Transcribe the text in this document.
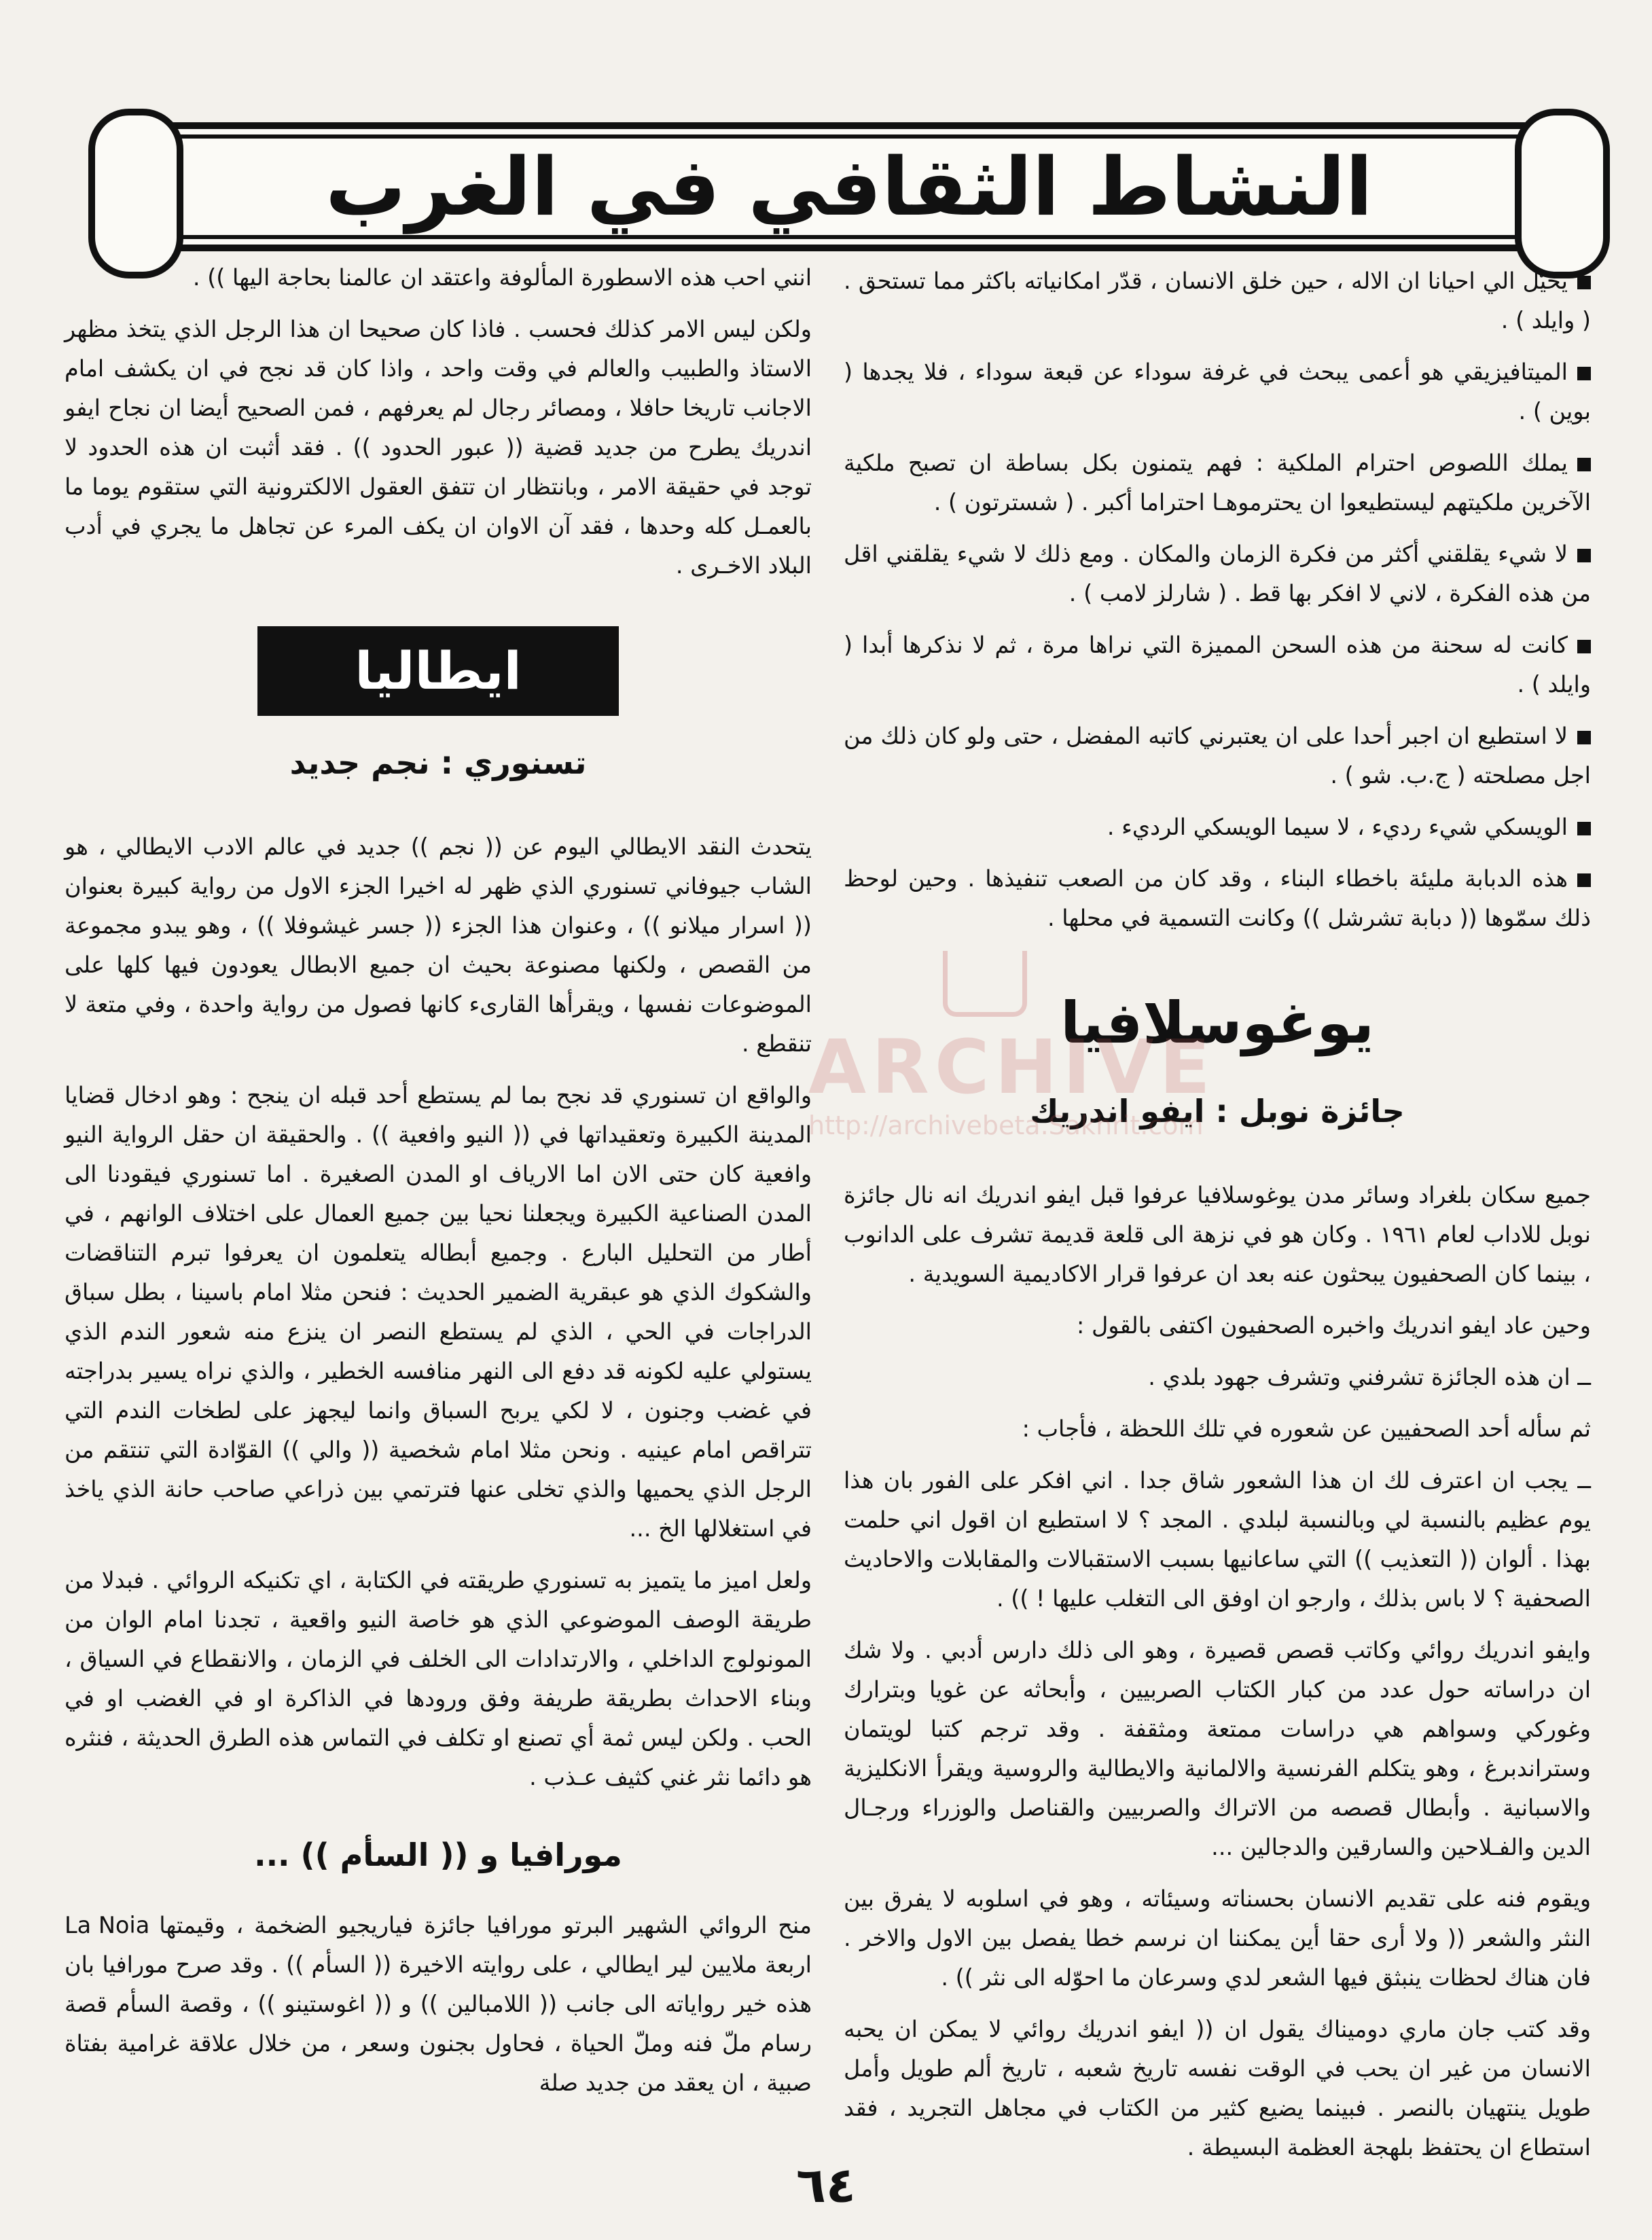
النشاط الثقافي في الغرب

يخيّل الي احيانا ان الاله ، حين خلق الانسان ، قدّر امكانياته باكثر مما تستحق . ( وايلد ) .

الميتافيزيقي هو أعمى يبحث في غرفة سوداء عن قبعة سوداء ، فلا يجدها ( بوين ) .

يملك اللصوص احترام الملكية : فهم يتمنون بكل بساطة ان تصبح ملكية الآخرين ملكيتهم ليستطيعوا ان يحترموهـا احتراما أكبر . ( شسترتون ) .

لا شيء يقلقني أكثر من فكرة الزمان والمكان . ومع ذلك لا شيء يقلقني اقل من هذه الفكرة ، لاني لا افكر بها قط . ( شارلز لامب ) .

كانت له سحنة من هذه السحن المميزة التي نراها مرة ، ثم لا نذكرها أبدا ( وايلد ) .

لا استطيع ان اجبر أحدا على ان يعتبرني كاتبه المفضل ، حتى ولو كان ذلك من اجل مصلحته ( ج.ب. شو ) .

الويسكي شيء رديء ، لا سيما الويسكي الرديء .

هذه الدبابة مليئة باخطاء البناء ، وقد كان من الصعب تنفيذها . وحين لوحظ ذلك سمّوها (( دبابة تشرشل )) وكانت التسمية في محلها .

يوغوسلافيا
جائزة نوبل : ايفو اندريك

جميع سكان بلغراد وسائر مدن يوغوسلافيا عرفوا قبل ايفو اندريك انه نال جائزة نوبل للاداب لعام ١٩٦١ . وكان هو في نزهة الى قلعة قديمة تشرف على الدانوب ، بينما كان الصحفيون يبحثون عنه بعد ان عرفوا قرار الاكاديمية السويدية .

وحين عاد ايفو اندريك واخبره الصحفيون اكتفى بالقول :

ــ ان هذه الجائزة تشرفني وتشرف جهود بلدي .

ثم سأله أحد الصحفيين عن شعوره في تلك اللحظة ، فأجاب :

ــ يجب ان اعترف لك ان هذا الشعور شاق جدا . اني افكر على الفور بان هذا يوم عظيم بالنسبة لي وبالنسبة لبلدي . المجد ؟ لا استطيع ان اقول اني حلمت بهذا . ألوان (( التعذيب )) التي ساعانيها بسبب الاستقبالات والمقابلات والاحاديث الصحفية ؟ لا باس بذلك ، وارجو ان اوفق الى التغلب عليها ! )) .

وايفو اندريك روائي وكاتب قصص قصيرة ، وهو الى ذلك دارس أدبي . ولا شك ان دراساته حول عدد من كبار الكتاب الصربيين ، وأبحاثه عن غويا وبترارك وغوركي وسواهم هي دراسات ممتعة ومثقفة . وقد ترجم كتبا لويتمان وستراندبرغ ، وهو يتكلم الفرنسية والالمانية والايطالية والروسية ويقرأ الانكليزية والاسبانية . وأبطال قصصه من الاتراك والصربيين والقناصل والوزراء ورجـال الدين والفـلاحين والسارقين والدجالين ...

ويقوم فنه على تقديم الانسان بحسناته وسيئاته ، وهو في اسلوبه لا يفرق بين النثر والشعر (( ولا أرى حقا أين يمكننا ان نرسم خطا يفصل بين الاول والاخر . فان هناك لحظات ينبثق فيها الشعر لدي وسرعان ما احوّله الى نثر )) .

وقد كتب جان ماري دوميناك يقول ان (( ايفو اندريك روائي لا يمكن ان يحبه الانسان من غير ان يحب في الوقت نفسه تاريخ شعبه ، تاريخ ألم طويل وأمل طويل ينتهيان بالنصر . فبينما يضيع كثير من الكتاب في مجاهل التجريد ، فقد استطاع ان يحتفظ بلهجة العظمة البسيطة .

انني احب هذه الاسطورة المألوفة واعتقد ان عالمنا بحاجة اليها )) .

ولكن ليس الامر كذلك فحسب . فاذا كان صحيحا ان هذا الرجل الذي يتخذ مظهر الاستاذ والطبيب والعالم في وقت واحد ، واذا كان قد نجح في ان يكشف امام الاجانب تاريخا حافلا ، ومصائر رجال لم يعرفهم ، فمن الصحيح أيضا ان نجاح ايفو اندريك يطرح من جديد قضية (( عبور الحدود )) . فقد أثبت ان هذه الحدود لا توجد في حقيقة الامر ، وبانتظار ان تتفق العقول الالكترونية التي ستقوم يوما ما بالعمـل كله وحدها ، فقد آن الاوان ان يكف المرء عن تجاهل ما يجري في أدب البلاد الاخـرى .

ايطاليا
تسنوري : نجم جديد

يتحدث النقد الايطالي اليوم عن (( نجم )) جديد في عالم الادب الايطالي ، هو الشاب جيوفاني تسنوري الذي ظهر له اخيرا الجزء الاول من رواية كبيرة بعنوان (( اسرار ميلانو )) ، وعنوان هذا الجزء (( جسر غيشوفلا )) ، وهو يبدو مجموعة من القصص ، ولكنها مصنوعة بحيث ان جميع الابطال يعودون فيها كلها على الموضوعات نفسها ، ويقرأها القارىء كانها فصول من رواية واحدة ، وفي متعة لا تنقطع .

والواقع ان تسنوري قد نجح بما لم يستطع أحد قبله ان ينجح : وهو ادخال قضايا المدينة الكبيرة وتعقيداتها في (( النيو وافعية )) . والحقيقة ان حقل الرواية النيو وافعية كان حتى الان اما الارياف او المدن الصغيرة . اما تسنوري فيقودنا الى المدن الصناعية الكبيرة ويجعلنا نحيا بين جميع العمال على اختلاف الوانهم ، في أطار من التحليل البارع . وجميع أبطاله يتعلمون ان يعرفوا تبرم التناقضات والشكوك الذي هو عبقرية الضمير الحديث : فنحن مثلا امام باسينا ، بطل سباق الدراجات في الحي ، الذي لم يستطع النصر ان ينزع منه شعور الندم الذي يستولي عليه لكونه قد دفع الى النهر منافسه الخطير ، والذي نراه يسير بدراجته في غضب وجنون ، لا لكي يربح السباق وانما ليجهز على لطخات الندم التي تتراقص امام عينيه . ونحن مثلا امام شخصية (( والي )) القوّادة التي تنتقم من الرجل الذي يحميها والذي تخلى عنها فترتمي بين ذراعي صاحب حانة الذي ياخذ في استغلالها الخ ...

ولعل اميز ما يتميز به تسنوري طريقته في الكتابة ، اي تكنيكه الروائي . فبدلا من طريقة الوصف الموضوعي الذي هو خاصة النيو واقعية ، تجدنا امام الوان من المونولوج الداخلي ، والارتدادات الى الخلف في الزمان ، والانقطاع في السياق ، وبناء الاحداث بطريقة طريفة وفق ورودها في الذاكرة او في الغضب او في الحب . ولكن ليس ثمة أي تصنع او تكلف في التماس هذه الطرق الحديثة ، فنثره هو دائما نثر غني كثيف عـذب .

مورافيا و (( السأم )) ...

La Noia منح الروائي الشهير البرتو مورافيا جائزة فياريجيو الضخمة ، وقيمتها اربعة ملايين لير ايطالي ، على روايته الاخيرة (( السأم )) . وقد صرح مورافيا بان هذه خير رواياته الى جانب (( اللامبالين )) و (( اغوستينو )) ، وقصة السأم قصة رسام ملّ فنه وملّ الحياة ، فحاول بجنون وسعر ، من خلال علاقة غرامية بفتاة صبية ، ان يعقد من جديد صلة

ARCHIVE
http://archivebeta.Sakhrit.com
٦٤
